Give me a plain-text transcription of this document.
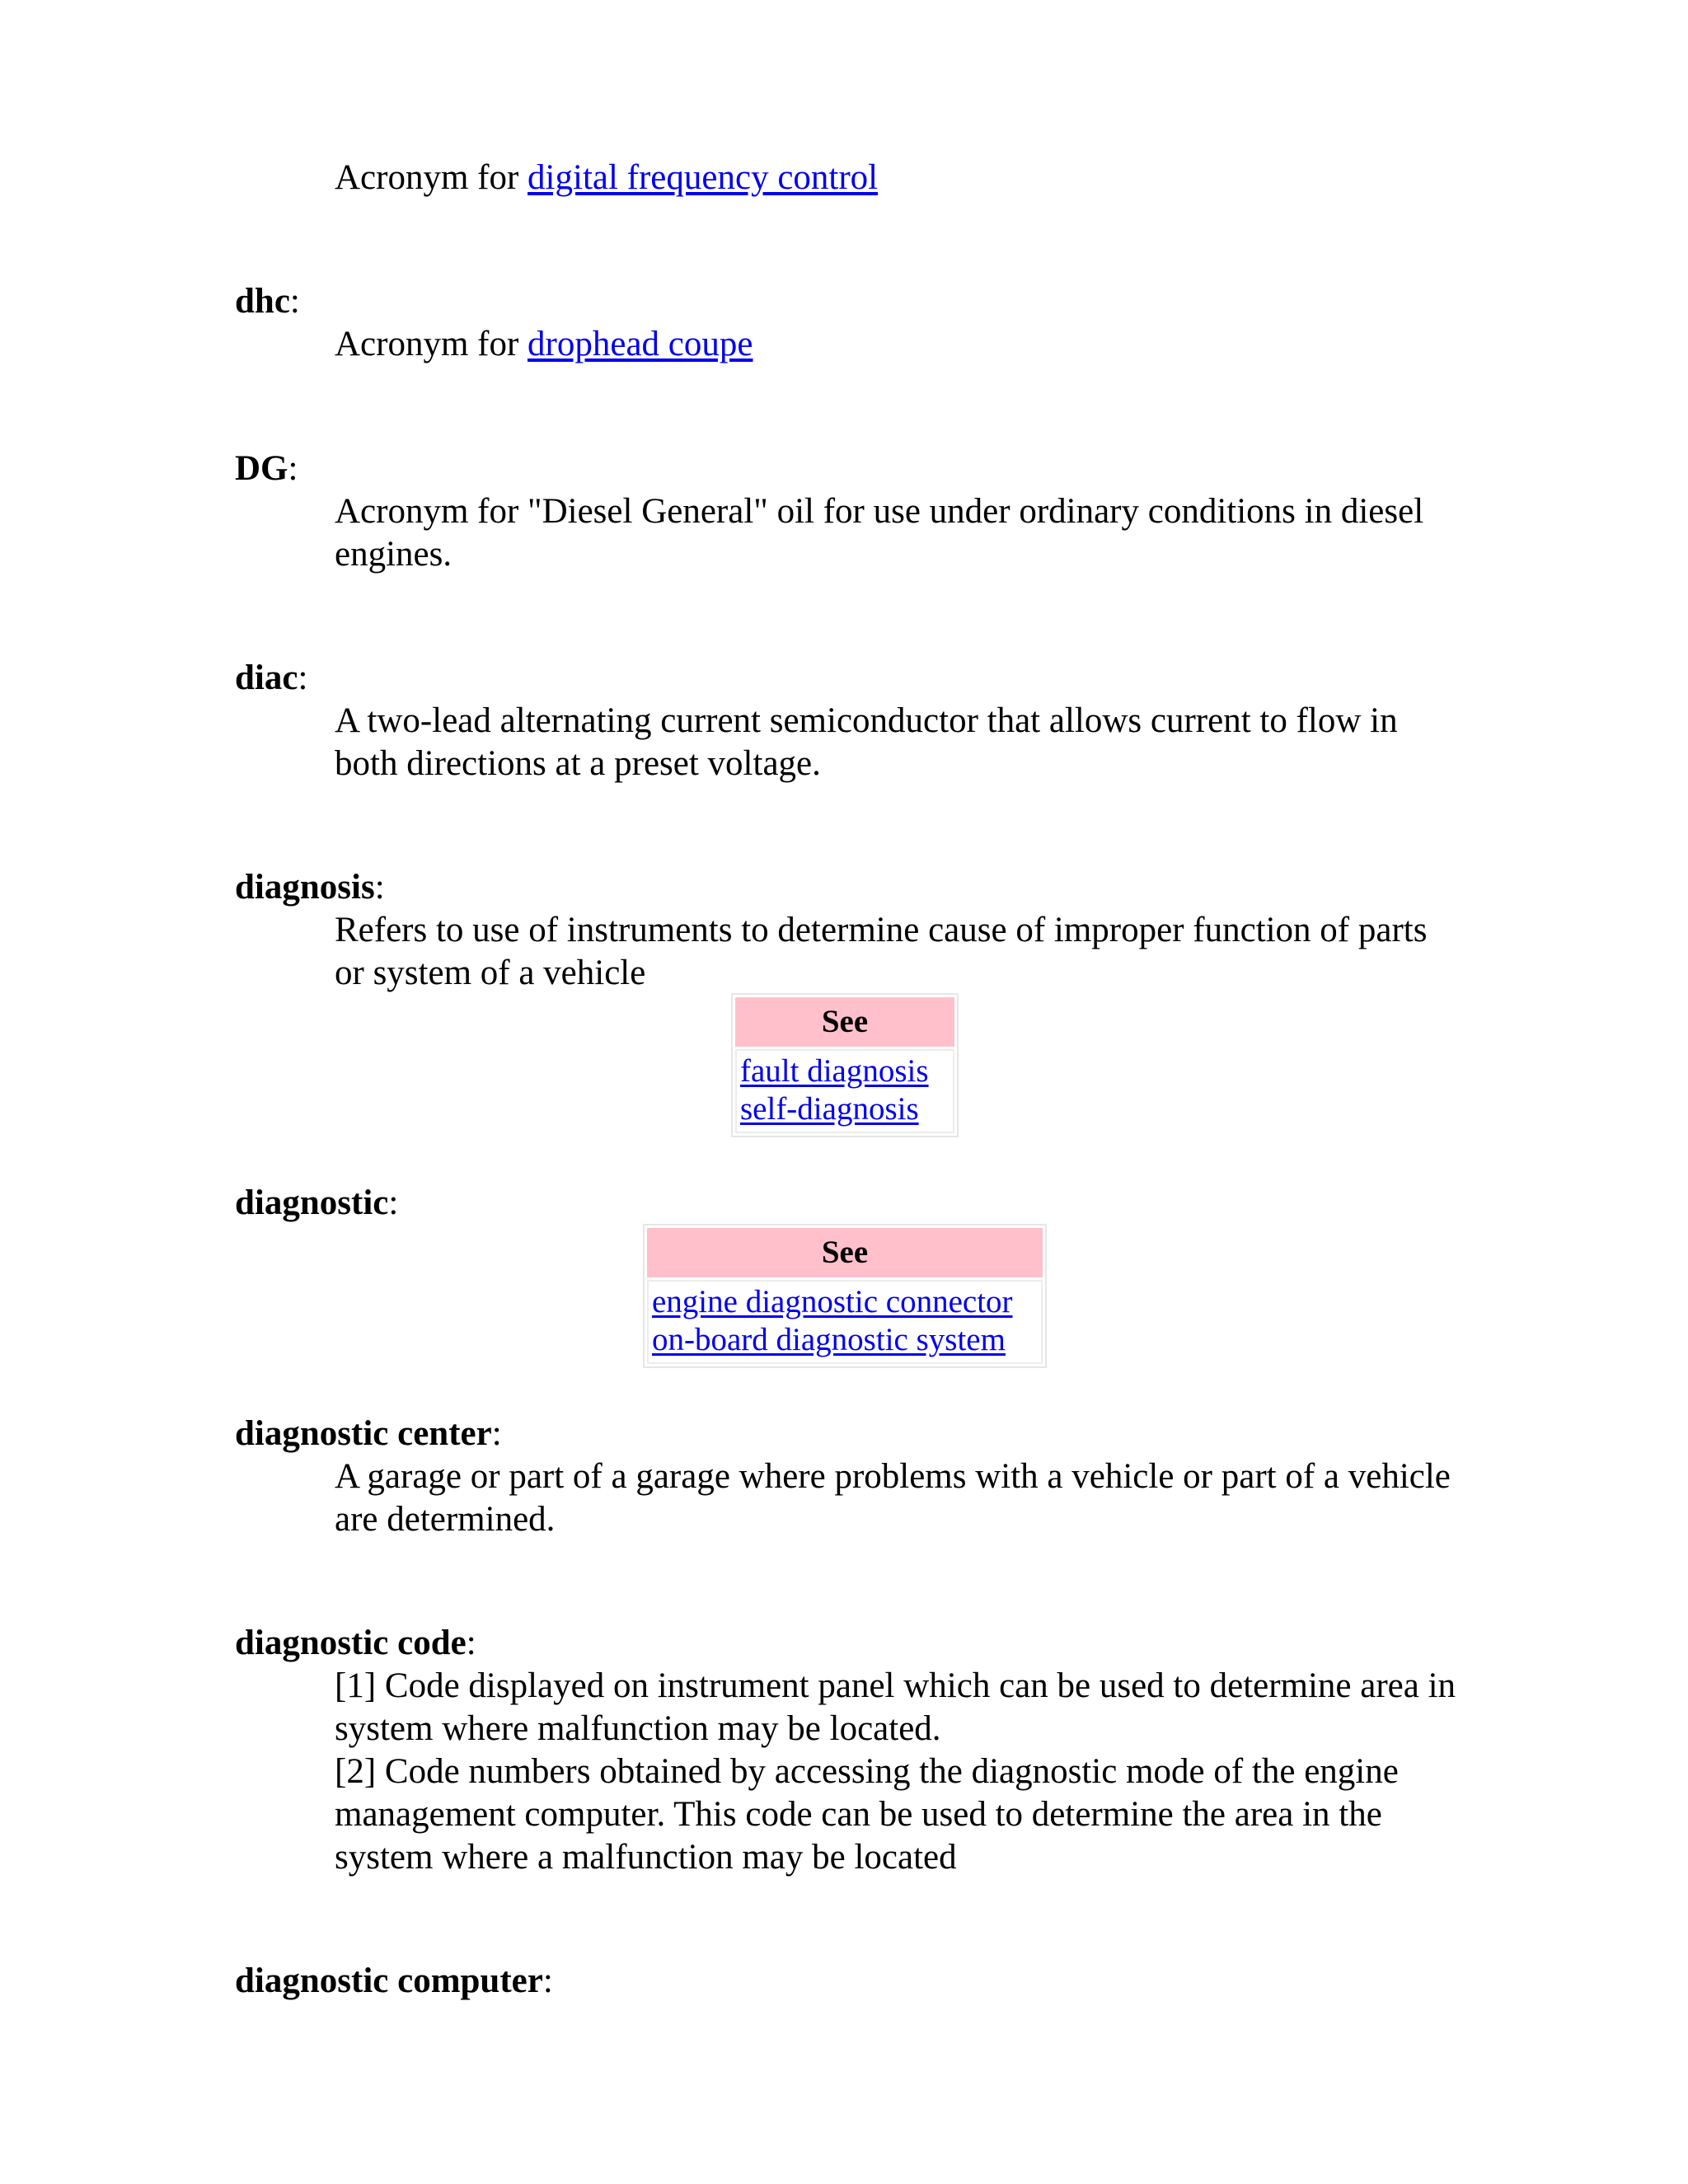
Acronym for digital frequency control

dhc:

Acronym for drophead coupe

DG:

Acronym for "Diesel General" oil for use under ordinary conditions in diesel engines.

diac:

A two-lead alternating current semiconductor that allows current to flow in both directions at a preset voltage.

diagnosis:

Refers to use of instruments to determine cause of improper function of parts or system of a vehicle

See
fault diagnosis
self-diagnosis

diagnostic:

See
engine diagnostic connector
on-board diagnostic system

diagnostic center:

A garage or part of a garage where problems with a vehicle or part of a vehicle are determined.

diagnostic code:

[1] Code displayed on instrument panel which can be used to determine area in system where malfunction may be located.

[2] Code numbers obtained by accessing the diagnostic mode of the engine management computer. This code can be used to determine the area in the system where a malfunction may be located

diagnostic computer:
